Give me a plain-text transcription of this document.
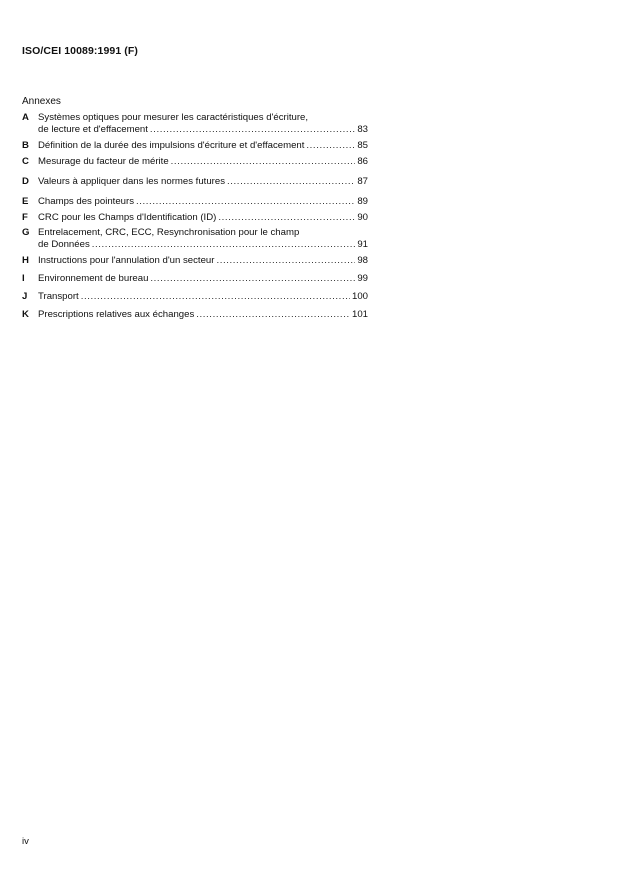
ISO/CEI 10089:1991 (F)
Annexes
A Systèmes optiques pour mesurer les caractéristiques d'écriture,
de lecture et d'effacement .....	83
B Définition de la durée des impulsions d'écriture et d'effacement .....	85
C Mesurage du facteur de mérite .....	86
D Valeurs à appliquer dans les normes futures .....	87
E Champs des pointeurs .....	89
F	CRC pour les Champs d'Identification (ID) .....	90
G Entrelacement, CRC, ECC, Resynchronisation pour le champ
de Données .....	91
H Instructions pour l'annulation d'un secteur .....	98
I	Environnement de bureau .....	99
J	Transport .....	100
K Prescriptions relatives aux échanges .....	101
iv
